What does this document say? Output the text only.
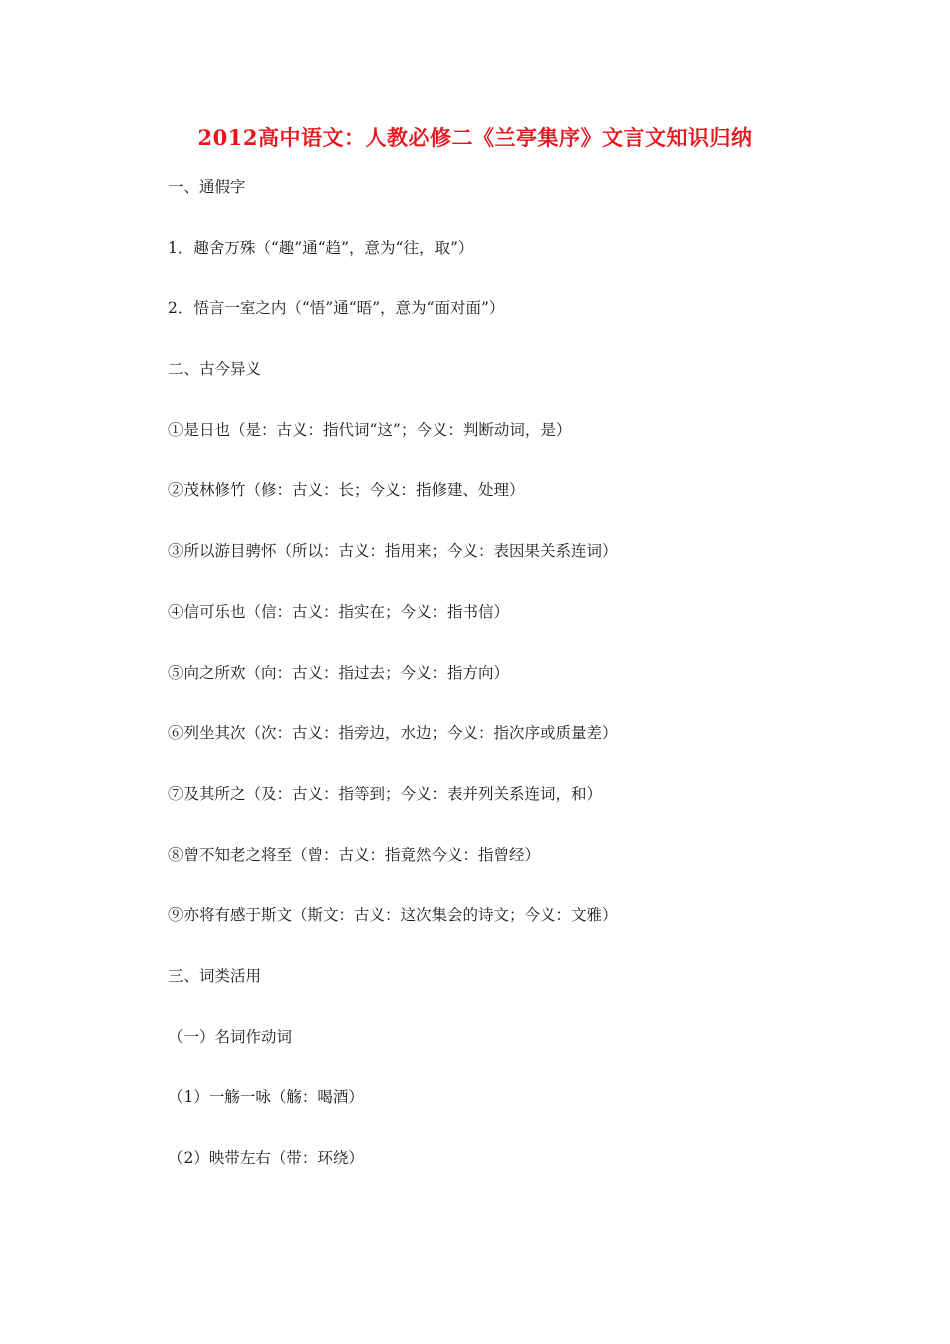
2012高中语文：人教必修二《兰亭集序》文言文知识归纳
一、通假字
1．趣舍万殊（“趣”通“趋”，意为“往，取”）
2．悟言一室之内（“悟”通“晤”，意为“面对面”）
二、古今异义
①是日也（是：古义：指代词“这”；今义：判断动词，是）
②茂林修竹（修：古义：长；今义：指修建、处理）
③所以游目骋怀（所以：古义：指用来；今义：表因果关系连词）
④信可乐也（信：古义：指实在；今义：指书信）
⑤向之所欢（向：古义：指过去；今义：指方向）
⑥列坐其次（次：古义：指旁边，水边；今义：指次序或质量差）
⑦及其所之（及：古义：指等到；今义：表并列关系连词，和）
⑧曾不知老之将至（曾：古义：指竟然今义：指曾经）
⑨亦将有感于斯文（斯文：古义：这次集会的诗文；今义：文雅）
三、词类活用
（一）名词作动词
（1）一觞一咏（觞：喝酒）
（2）映带左右（带：环绕）
